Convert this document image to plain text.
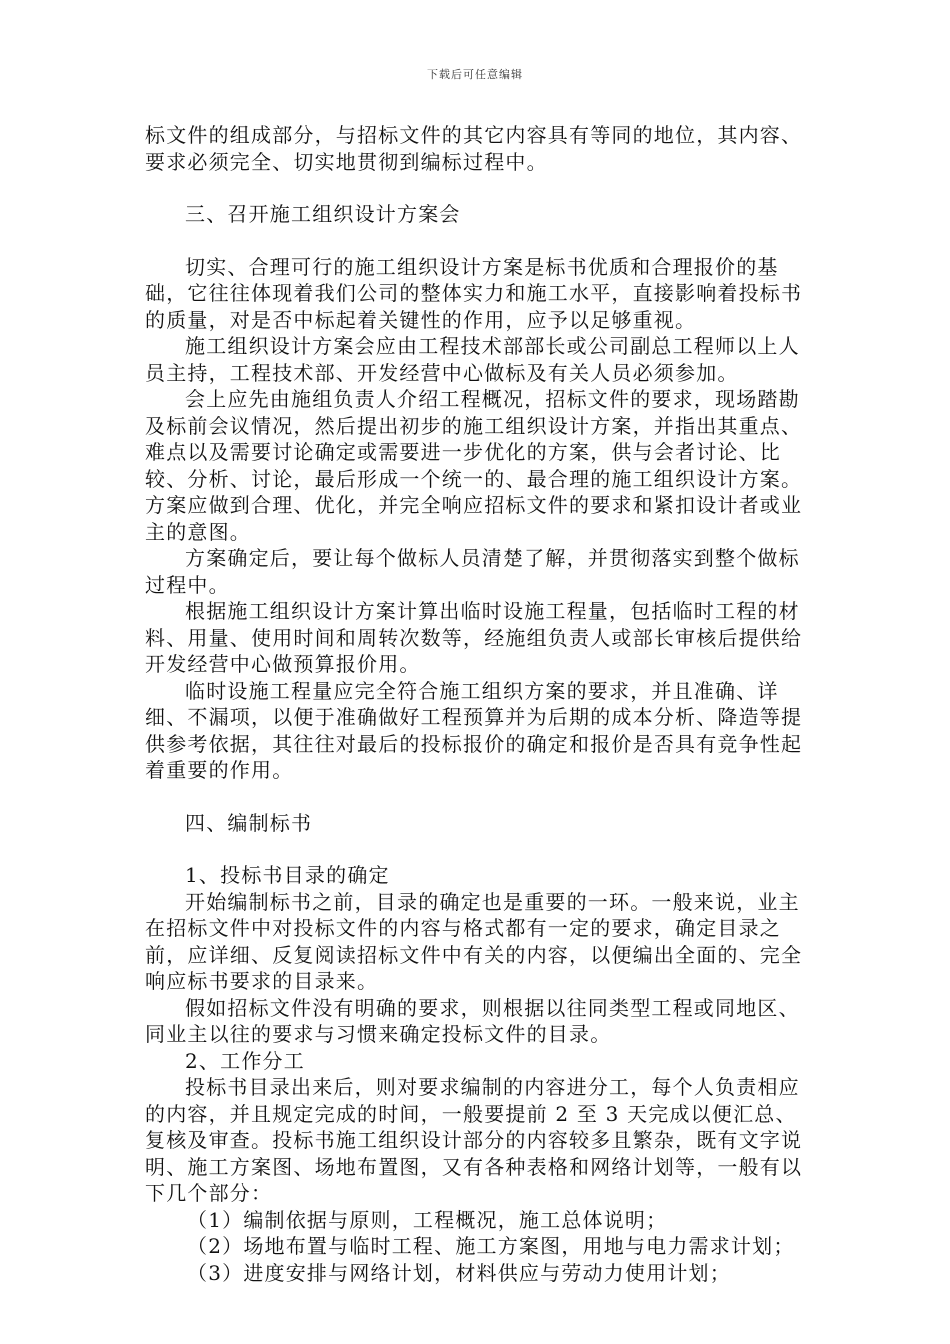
下载后可任意编辑

标文件的组成部分，与招标文件的其它内容具有等同的地位，其内容、要求必须完全、切实地贯彻到编标过程中。

三、召开施工组织设计方案会

切实、合理可行的施工组织设计方案是标书优质和合理报价的基础，它往往体现着我们公司的整体实力和施工水平，直接影响着投标书的质量，对是否中标起着关键性的作用，应予以足够重视。

施工组织设计方案会应由工程技术部部长或公司副总工程师以上人员主持，工程技术部、开发经营中心做标及有关人员必须参加。

会上应先由施组负责人介绍工程概况，招标文件的要求，现场踏勘及标前会议情况，然后提出初步的施工组织设计方案，并指出其重点、难点以及需要讨论确定或需要进一步优化的方案，供与会者讨论、比较、分析、讨论，最后形成一个统一的、最合理的施工组织设计方案。方案应做到合理、优化，并完全响应招标文件的要求和紧扣设计者或业主的意图。

方案确定后，要让每个做标人员清楚了解，并贯彻落实到整个做标过程中。

根据施工组织设计方案计算出临时设施工程量，包括临时工程的材料、用量、使用时间和周转次数等，经施组负责人或部长审核后提供给开发经营中心做预算报价用。

临时设施工程量应完全符合施工组织方案的要求，并且准确、详细、不漏项，以便于准确做好工程预算并为后期的成本分析、降造等提供参考依据，其往往对最后的投标报价的确定和报价是否具有竞争性起着重要的作用。

四、编制标书

1、投标书目录的确定

开始编制标书之前，目录的确定也是重要的一环。一般来说，业主在招标文件中对投标文件的内容与格式都有一定的要求，确定目录之前，应详细、反复阅读招标文件中有关的内容，以便编出全面的、完全响应标书要求的目录来。

假如招标文件没有明确的要求，则根据以往同类型工程或同地区、同业主以往的要求与习惯来确定投标文件的目录。

2、工作分工

投标书目录出来后，则对要求编制的内容进分工，每个人负责相应的内容，并且规定完成的时间，一般要提前 2 至 3 天完成以便汇总、复核及审查。投标书施工组织设计部分的内容较多且繁杂，既有文字说明、施工方案图、场地布置图，又有各种表格和网络计划等，一般有以下几个部分：

（1）编制依据与原则，工程概况，施工总体说明；

（2）场地布置与临时工程、施工方案图，用地与电力需求计划；

（3）进度安排与网络计划，材料供应与劳动力使用计划；
